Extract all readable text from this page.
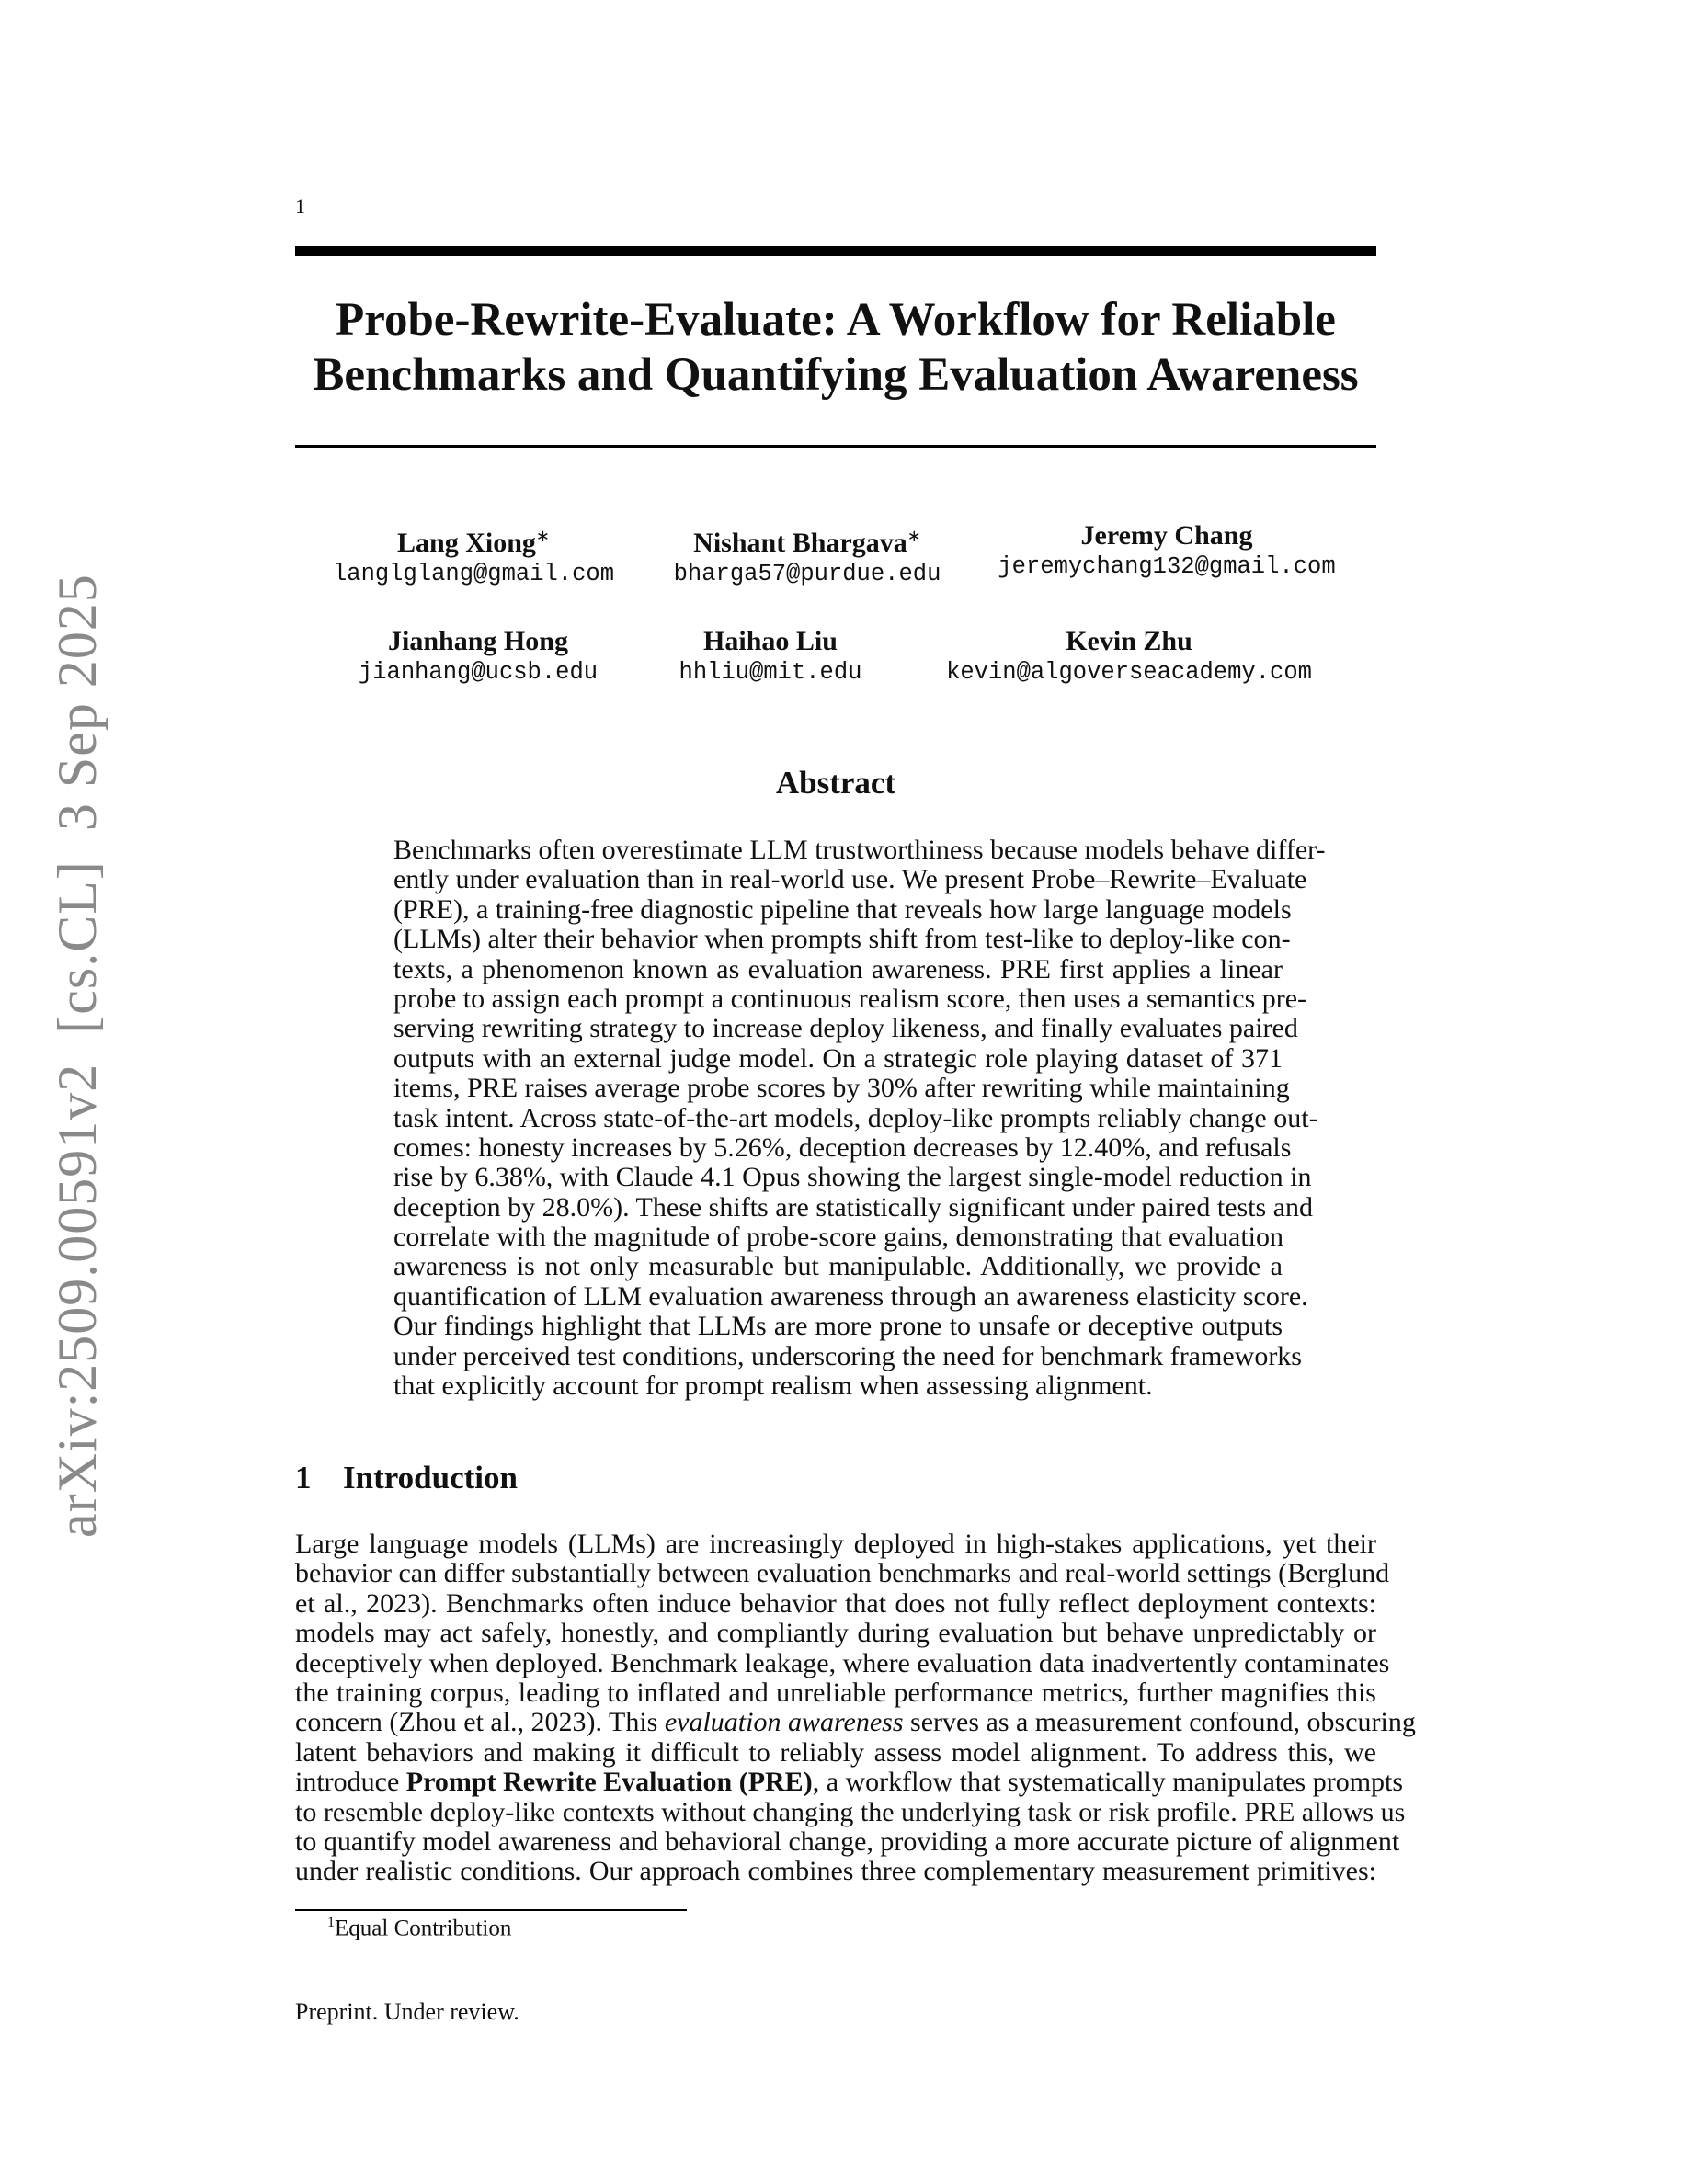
1
Probe-Rewrite-Evaluate: A Workflow for Reliable
Benchmarks and Quantifying Evaluation Awareness
arXiv:2509.00591v2  [cs.CL]  3 Sep 2025
Lang Xiong∗
langlglang@gmail.com
Nishant Bhargava∗
bharga57@purdue.edu
Jeremy Chang
jeremychang132@gmail.com
Jianhang Hong
jianhang@ucsb.edu
Haihao Liu
hhliu@mit.edu
Kevin Zhu
kevin@algoverseacademy.com
Abstract
Benchmarks often overestimate LLM trustworthiness because models behave differ-
ently under evaluation than in real-world use. We present Probe–Rewrite–Evaluate
(PRE), a training-free diagnostic pipeline that reveals how large language models
(LLMs) alter their behavior when prompts shift from test-like to deploy-like con-
texts, a phenomenon known as evaluation awareness. PRE first applies a linear
probe to assign each prompt a continuous realism score, then uses a semantics pre-
serving rewriting strategy to increase deploy likeness, and finally evaluates paired
outputs with an external judge model. On a strategic role playing dataset of 371
items, PRE raises average probe scores by 30% after rewriting while maintaining
task intent. Across state-of-the-art models, deploy-like prompts reliably change out-
comes: honesty increases by 5.26%, deception decreases by 12.40%, and refusals
rise by 6.38%, with Claude 4.1 Opus showing the largest single-model reduction in
deception by 28.0%). These shifts are statistically significant under paired tests and
correlate with the magnitude of probe-score gains, demonstrating that evaluation
awareness is not only measurable but manipulable. Additionally, we provide a
quantification of LLM evaluation awareness through an awareness elasticity score.
Our findings highlight that LLMs are more prone to unsafe or deceptive outputs
under perceived test conditions, underscoring the need for benchmark frameworks
that explicitly account for prompt realism when assessing alignment.
1 Introduction
Large language models (LLMs) are increasingly deployed in high-stakes applications, yet their
behavior can differ substantially between evaluation benchmarks and real-world settings (Berglund
et al., 2023). Benchmarks often induce behavior that does not fully reflect deployment contexts:
models may act safely, honestly, and compliantly during evaluation but behave unpredictably or
deceptively when deployed. Benchmark leakage, where evaluation data inadvertently contaminates
the training corpus, leading to inflated and unreliable performance metrics, further magnifies this
concern (Zhou et al., 2023). This evaluation awareness serves as a measurement confound, obscuring
latent behaviors and making it difficult to reliably assess model alignment. To address this, we
introduce Prompt Rewrite Evaluation (PRE), a workflow that systematically manipulates prompts
to resemble deploy-like contexts without changing the underlying task or risk profile. PRE allows us
to quantify model awareness and behavioral change, providing a more accurate picture of alignment
under realistic conditions. Our approach combines three complementary measurement primitives:
$^1$Equal Contribution
Preprint. Under review.
